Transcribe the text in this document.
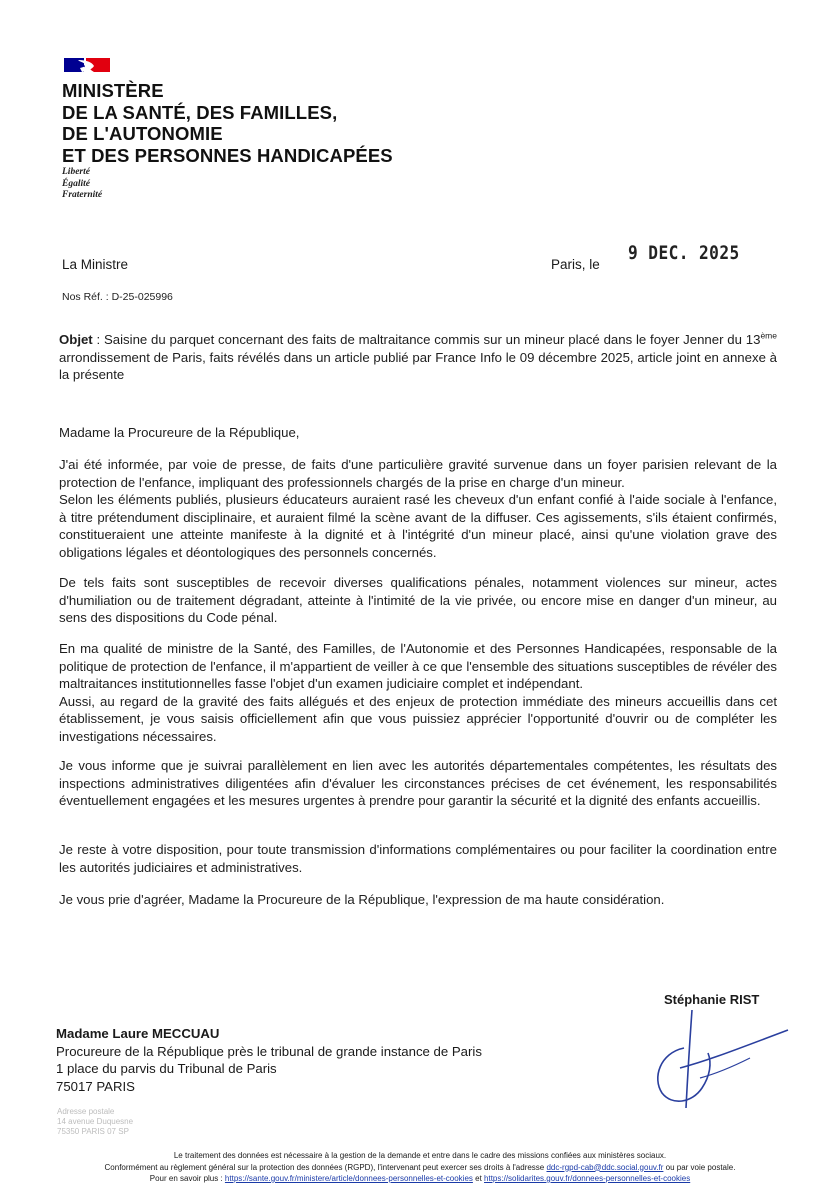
MINISTÈRE
DE LA SANTÉ, DES FAMILLES,
DE L'AUTONOMIE
ET DES PERSONNES HANDICAPÉES
Liberté
Égalité
Fraternité
La Ministre	Paris, le
9 DEC. 2025
Nos Réf. : D-25-025996

Objet : Saisine du parquet concernant des faits de maltraitance commis sur un mineur placé dans le foyer Jenner du 13ème arrondissement de Paris, faits révélés dans un article publié par France Info le 09 décembre 2025, article joint en annexe à la présente

Madame la Procureure de la République,

J'ai été informée, par voie de presse, de faits d'une particulière gravité survenue dans un foyer parisien relevant de la protection de l'enfance, impliquant des professionnels chargés de la prise en charge d'un mineur.

Selon les éléments publiés, plusieurs éducateurs auraient rasé les cheveux d'un enfant confié à l'aide sociale à l'enfance, à titre prétendument disciplinaire, et auraient filmé la scène avant de la diffuser. Ces agissements, s'ils étaient confirmés, constitueraient une atteinte manifeste à la dignité et à l'intégrité d'un mineur placé, ainsi qu'une violation grave des obligations légales et déontologiques des personnels concernés.

De tels faits sont susceptibles de recevoir diverses qualifications pénales, notamment violences sur mineur, actes d'humiliation ou de traitement dégradant, atteinte à l'intimité de la vie privée, ou encore mise en danger d'un mineur, au sens des dispositions du Code pénal.

En ma qualité de ministre de la Santé, des Familles, de l'Autonomie et des Personnes Handicapées, responsable de la politique de protection de l'enfance, il m'appartient de veiller à ce que l'ensemble des situations susceptibles de révéler des maltraitances institutionnelles fasse l'objet d'un examen judiciaire complet et indépendant.

Aussi, au regard de la gravité des faits allégués et des enjeux de protection immédiate des mineurs accueillis dans cet établissement, je vous saisis officiellement afin que vous puissiez apprécier l'opportunité d'ouvrir ou de compléter les investigations nécessaires.

Je vous informe que je suivrai parallèlement en lien avec les autorités départementales compétentes, les résultats des inspections administratives diligentées afin d'évaluer les circonstances précises de cet événement, les responsabilités éventuellement engagées et les mesures urgentes à prendre pour garantir la sécurité et la dignité des enfants accueillis.

Je reste à votre disposition, pour toute transmission d'informations complémentaires ou pour faciliter la coordination entre les autorités judiciaires et administratives.

Je vous prie d'agréer, Madame la Procureure de la République, l'expression de ma haute considération.

Stéphanie RIST
Madame Laure MECCUAU
Procureure de la République près le tribunal de grande instance de Paris
1 place du parvis du Tribunal de Paris
75017 PARIS
Adresse postale
14 avenue Duquesne
75350 PARIS 07 SP
Le traitement des données est nécessaire à la gestion de la demande et entre dans le cadre des missions confiées aux ministères sociaux.
Conformément au règlement général sur la protection des données (RGPD), l'intervenant peut exercer ses droits à l'adresse ddc-rgpd-cab@ddc.social.gouv.fr ou par voie postale.
Pour en savoir plus : https://sante.gouv.fr/ministere/article/donnees-personnelles-et-cookies et https://solidarites.gouv.fr/donnees-personnelles-et-cookies
